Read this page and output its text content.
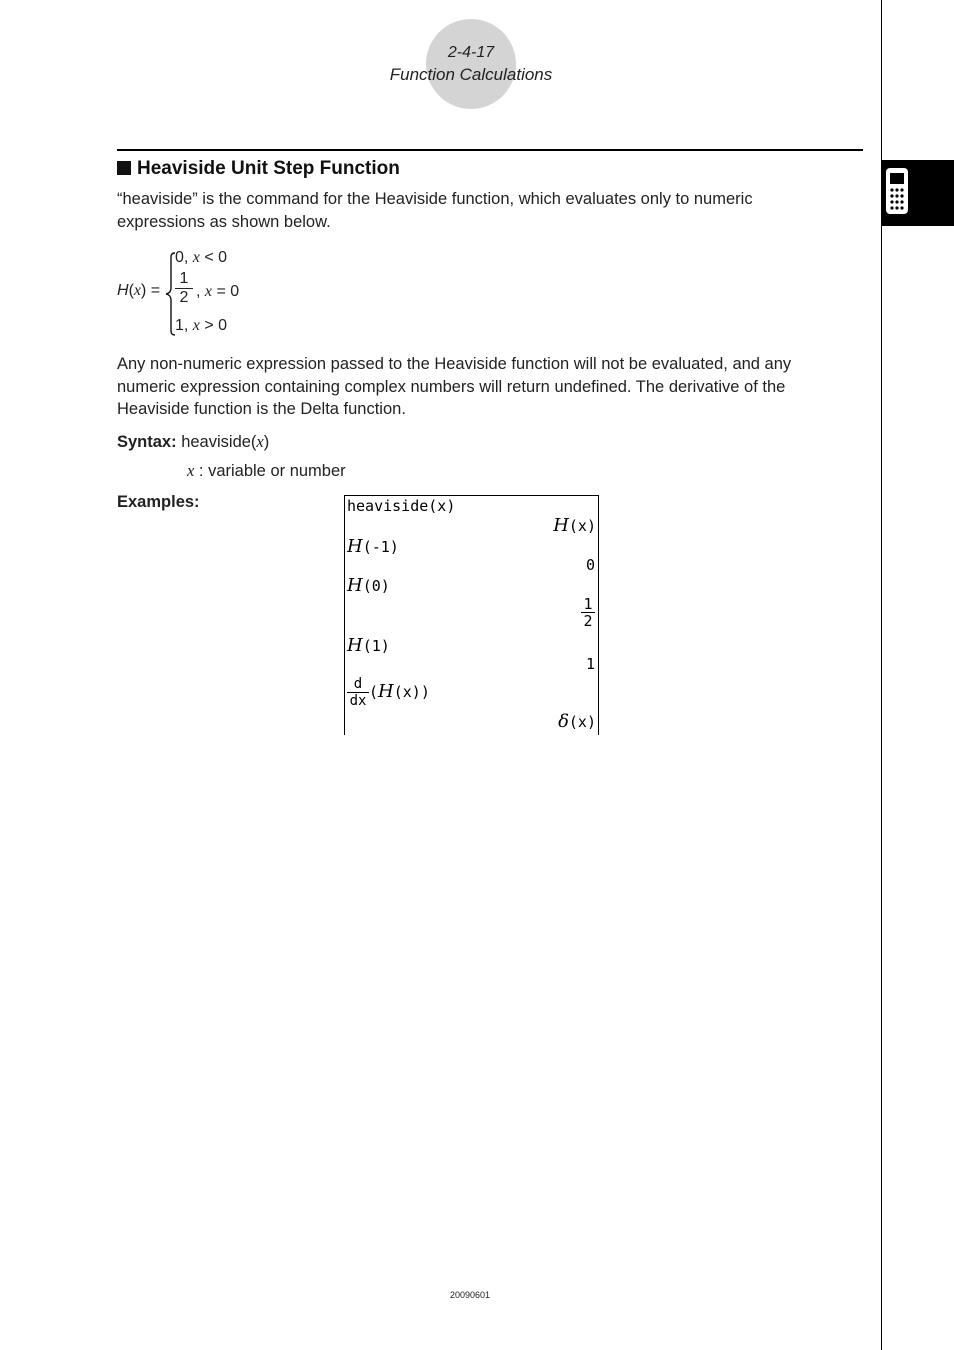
2-4-17
Function Calculations
Heaviside Unit Step Function
“heaviside” is the command for the Heaviside function, which evaluates only to numeric
expressions as shown below.
H(x) =
0, x < 0
1
2 , x = 0
1, x > 0
Any non-numeric expression passed to the Heaviside function will not be evaluated, and any
numeric expression containing complex numbers will return undefined. The derivative of the
Heaviside function is the Delta function.
Syntax: heaviside(x)
x : variable or number
Examples:	heaviside(x)
H(x)
H(-1)
0
H(0)
1
2
H(1)
1
d
dx (H(x))
δ(x)
20090601
